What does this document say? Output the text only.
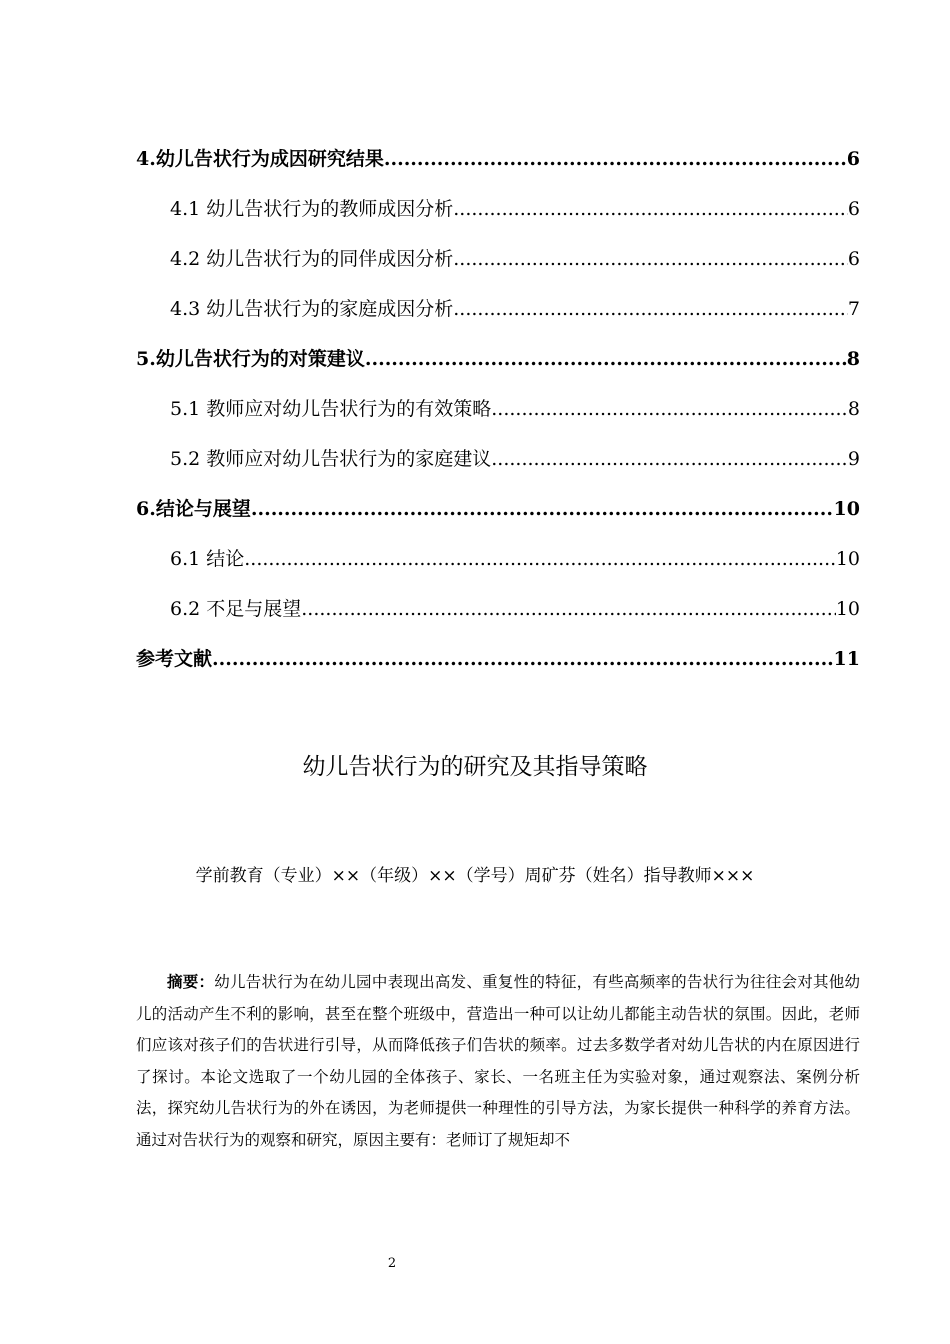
4.幼儿告状行为成因研究结果 .....	6
4.1 幼儿告状行为的教师成因分析 .....	6
4.2 幼儿告状行为的同伴成因分析 .....	6
4.3 幼儿告状行为的家庭成因分析 .....	7
5.幼儿告状行为的对策建议 .....	8
5.1 教师应对幼儿告状行为的有效策略 .....	8
5.2 教师应对幼儿告状行为的家庭建议 .....	9
6.结论与展望 .....	10
6.1 结论 .....	10
6.2 不足与展望 .....	10
参考文献 .....	11
幼儿告状行为的研究及其指导策略
学前教育（专业）××（年级）××（学号）周矿芬（姓名）指导教师×××
摘要：幼儿告状行为在幼儿园中表现出高发、重复性的特征，有些高频率的告状行为往往会对其他幼儿的活动产生不利的影响，甚至在整个班级中，营造出一种可以让幼儿都能主动告状的氛围。因此，老师们应该对孩子们的告状进行引导，从而降低孩子们告状的频率。过去多数学者对幼儿告状的内在原因进行了探讨。本论文选取了一个幼儿园的全体孩子、家长、一名班主任为实验对象，通过观察法、案例分析法，探究幼儿告状行为的外在诱因，为老师提供一种理性的引导方法，为家长提供一种科学的养育方法。通过对告状行为的观察和研究，原因主要有：老师订了规矩却不
2
